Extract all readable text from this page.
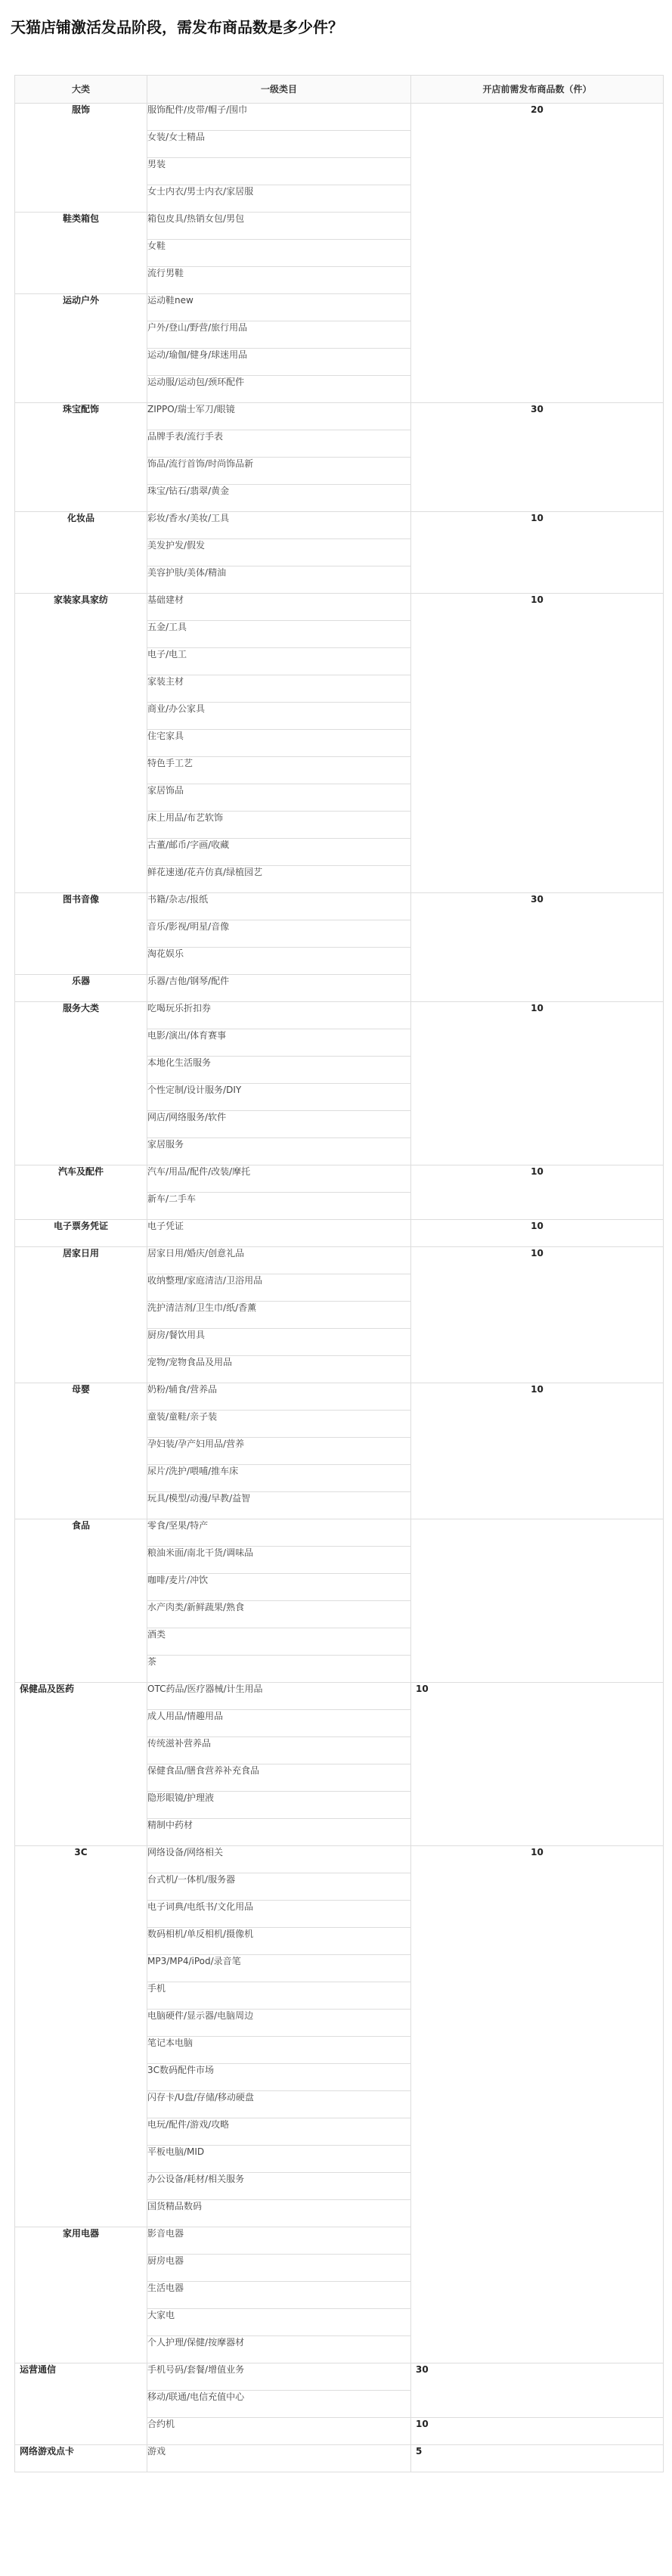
天猫店铺激活发品阶段，需发布商品数是多少件？
大类	一级类目	开店前需发布商品数（件）
服饰	服饰配件/皮带/帽子/围巾	20
	女装/女士精品	
	男装	
	女士内衣/男士内衣/家居服	
鞋类箱包	箱包皮具/热销女包/男包	
	女鞋	
	流行男鞋	
运动户外	运动鞋new	
	户外/登山/野营/旅行用品	
	运动/瑜伽/健身/球迷用品	
	运动服/运动包/颈环配件	
珠宝配饰	ZIPPO/瑞士军刀/眼镜	30
	品牌手表/流行手表	
	饰品/流行首饰/时尚饰品新	
	珠宝/钻石/翡翠/黄金	
化妆品	彩妆/香水/美妆/工具	10
	美发护发/假发	
	美容护肤/美体/精油	
家装家具家纺	基础建材	10
	五金/工具	
	电子/电工	
	家装主材	
	商业/办公家具	
	住宅家具	
	特色手工艺	
	家居饰品	
	床上用品/布艺软饰	
	古董/邮币/字画/收藏	
	鲜花速递/花卉仿真/绿植园艺	
图书音像	书籍/杂志/报纸	30
	音乐/影视/明星/音像	
	淘花娱乐	
乐器	乐器/吉他/钢琴/配件	
服务大类	吃喝玩乐折扣券	10
	电影/演出/体育赛事	
	本地化生活服务	
	个性定制/设计服务/DIY	
	网店/网络服务/软件	
	家居服务	
汽车及配件	汽车/用品/配件/改装/摩托	10
	新车/二手车	
电子票务凭证	电子凭证	10
居家日用	居家日用/婚庆/创意礼品	10
	收纳整理/家庭清洁/卫浴用品	
	洗护清洁剂/卫生巾/纸/香薰	
	厨房/餐饮用具	
	宠物/宠物食品及用品	
母婴	奶粉/辅食/营养品	10
	童装/童鞋/亲子装	
	孕妇装/孕产妇用品/营养	
	尿片/洗护/喂哺/推车床	
	玩具/模型/动漫/早教/益智	
食品	零食/坚果/特产	
	粮油米面/南北干货/调味品	
	咖啡/麦片/冲饮	
	水产肉类/新鲜蔬果/熟食	
	酒类	
	茶	
保健品及医药	OTC药品/医疗器械/计生用品	10
	成人用品/情趣用品	
	传统滋补营养品	
	保健食品/膳食营养补充食品	
	隐形眼镜/护理液	
	精制中药材	
3C	网络设备/网络相关	10
	台式机/一体机/服务器	
	电子词典/电纸书/文化用品	
	数码相机/单反相机/摄像机	
	MP3/MP4/iPod/录音笔	
	手机	
	电脑硬件/显示器/电脑周边	
	笔记本电脑	
	3C数码配件市场	
	闪存卡/U盘/存储/移动硬盘	
	电玩/配件/游戏/攻略	
	平板电脑/MID	
	办公设备/耗材/相关服务	
	国货精品数码	
家用电器	影音电器	
	厨房电器	
	生活电器	
	大家电	
	个人护理/保健/按摩器材	
运营通信	手机号码/套餐/增值业务	30
	移动/联通/电信充值中心	
	合约机	10
网络游戏点卡	游戏	5
